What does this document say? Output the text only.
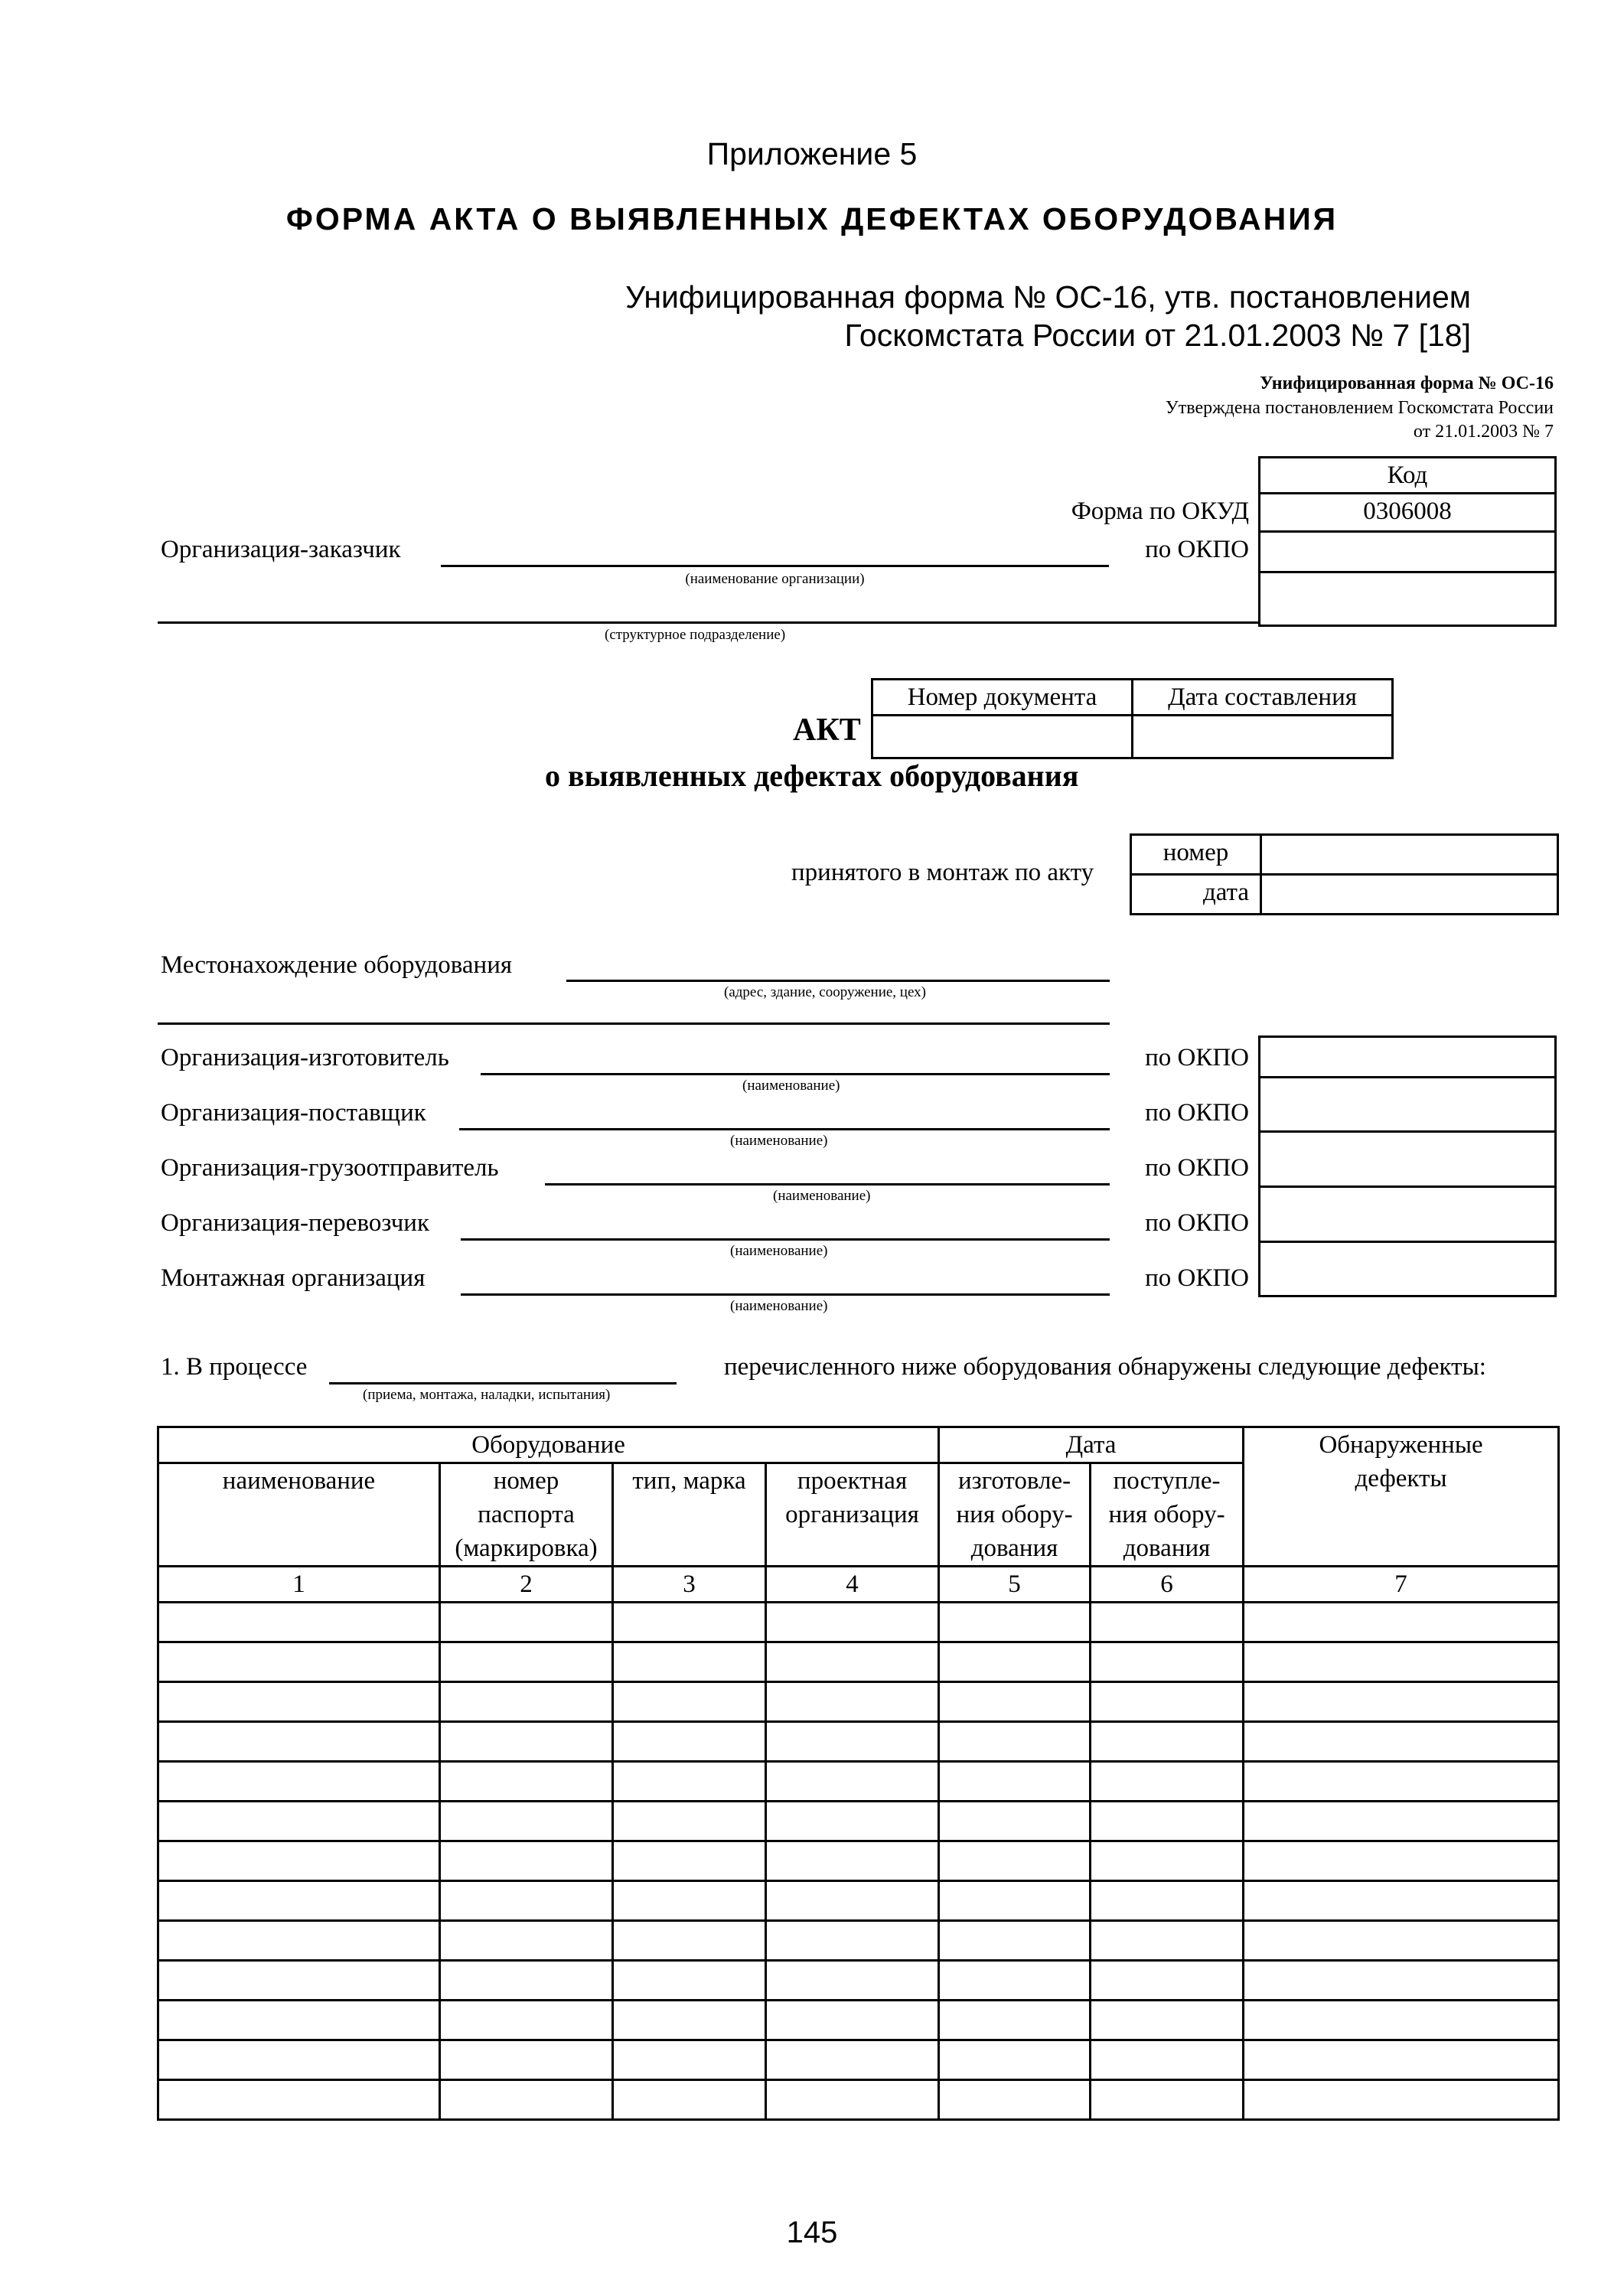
Приложение 5
ФОРМА АКТА О ВЫЯВЛЕННЫХ ДЕФЕКТАХ ОБОРУДОВАНИЯ
Унифицированная форма № ОС-16, утв. постановлением
Госкомстата России от 21.01.2003 № 7 [18]
Унифицированная форма № ОС-16
Утверждена постановлением Госкомстата России
от 21.01.2003 № 7
Код
0306008

Форма по ОКУД
по ОКПО
Организация-заказчик
(наименование организации)
(структурное подразделение)
Номер документа	Дата составления

АКТ
о выявленных дефектах оборудования
принятого в монтаж по акту
номер	
дата	
Местонахождение оборудования
(адрес, здание, сооружение, цех)
Организация-изготовитель
(наименование)
по ОКПО
Организация-поставщик
(наименование)
по ОКПО
Организация-грузоотправитель
(наименование)
по ОКПО
Организация-перевозчик
(наименование)
по ОКПО
Монтажная организация
(наименование)
по ОКПО
1. В процессе
(приема, монтажа, наладки, испытания)
перечисленного ниже оборудования обнаружены следующие дефекты:
Оборудование				Дата		Обнаруженные дефекты

наименование	номер паспорта (маркировка)	тип, марка	проектная организация	изготовле-ния обору-дования	поступле-ния обору-дования	

1	2	3	4	5	6	7

145
